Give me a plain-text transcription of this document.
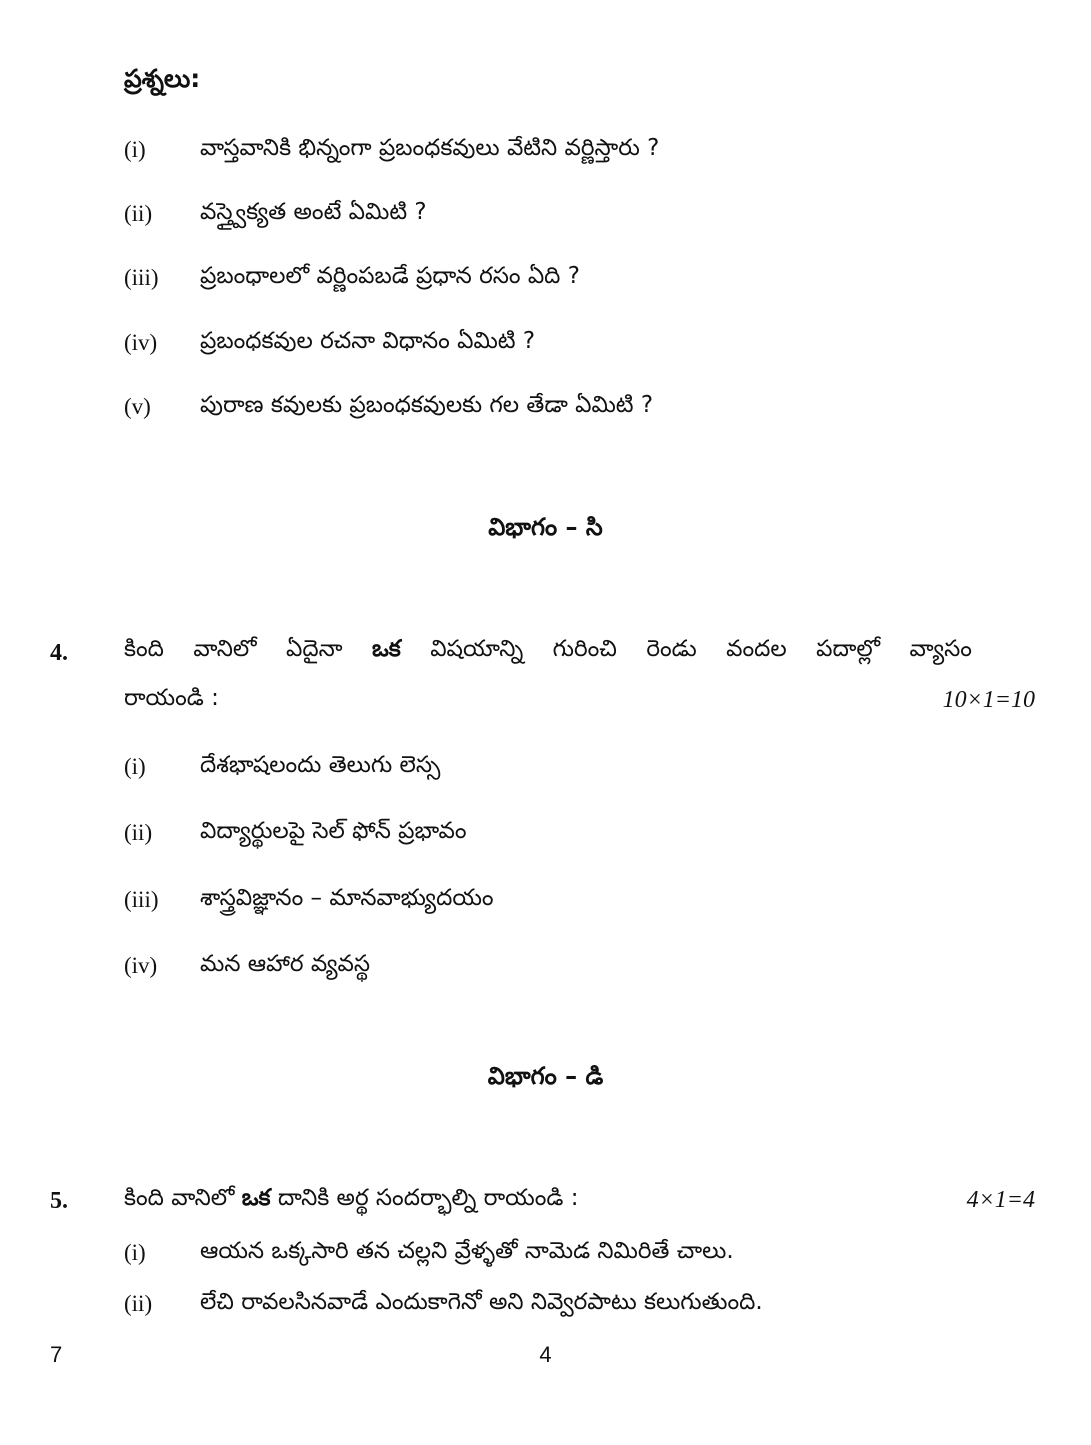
ప్రశ్నలు:
(i) వాస్తవానికి భిన్నంగా ప్రబంధకవులు వేటిని వర్ణిస్తారు ?
(ii) వస్త్వైక్యత అంటే ఏమిటి ?
(iii) ప్రబంధాలలో వర్ణింపబడే ప్రధాన రసం ఏది ?
(iv) ప్రబంధకవుల రచనా విధానం ఏమిటి ?
(v) పురాణ కవులకు ప్రబంధకవులకు గల తేడా ఏమిటి ?
విభాగం – సి
4. కింది వానిలో ఏదైనా ఒక విషయాన్ని గురించి రెండు వందల పదాల్లో వ్యాసం
రాయండి :	10×1=10
(i) దేశభాషలందు తెలుగు లెస్స
(ii) విద్యార్థులపై సెల్ ఫోన్ ప్రభావం
(iii) శాస్త్రవిజ్ఞానం – మానవాభ్యుదయం
(iv) మన ఆహార వ్యవస్థ
విభాగం – డి
5. కింది వానిలో ఒక దానికి అర్థ సందర్భాల్ని రాయండి :	4×1=4
(i) ఆయన ఒక్కసారి తన చల్లని వ్రేళ్ళతో నామెడ నిమిరితే చాలు.
(ii) లేచి రావలసినవాడే ఎందుకాగెనో అని నివ్వెరపాటు కలుగుతుంది.
7	4
